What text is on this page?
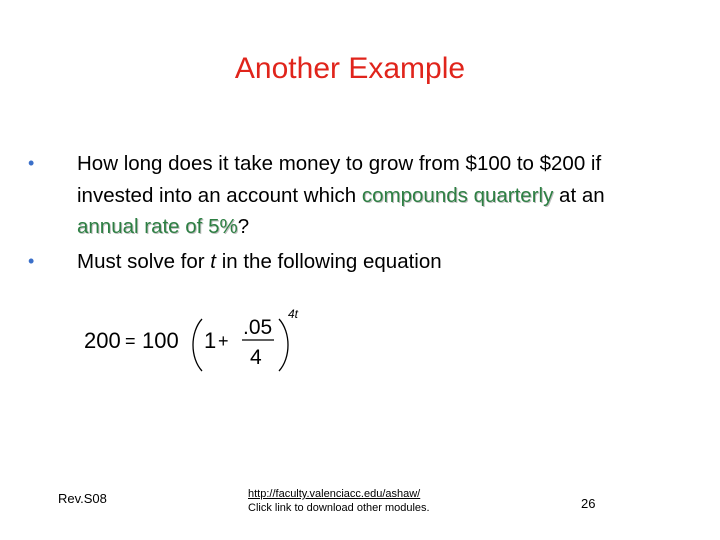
Another Example
• How long does it take money to grow from $100 to $200 if invested into an account which compounds quarterly at an annual rate of 5%?
• Must solve for t in the following equation
200 = 100 1 +
.05
4
4t
Rev.S08	http://faculty.valenciacc.edu/ashaw/
Click link to download other modules.	26
